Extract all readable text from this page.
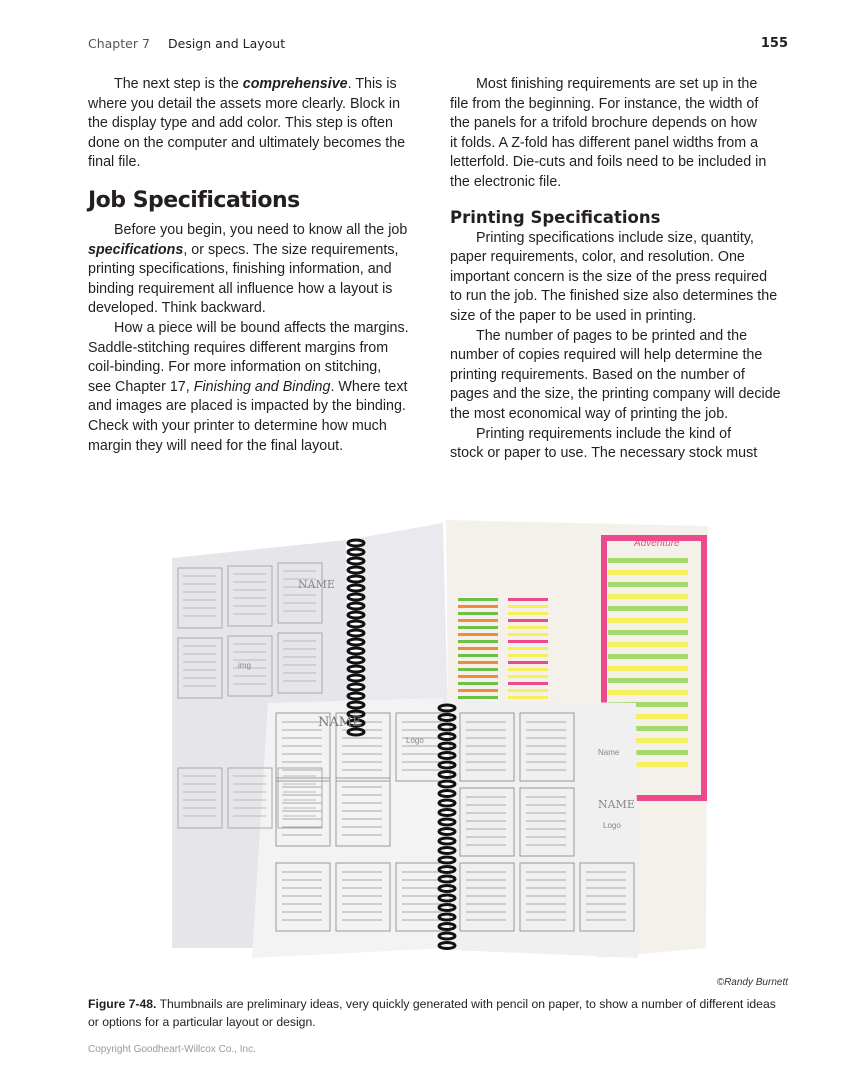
Chapter 7 Design and Layout	155
The next step is the comprehensive. This is
where you detail the assets more clearly. Block in
the display type and add color. This step is often
done on the computer and ultimately becomes the
final file.
Job Specifications
Before you begin, you need to know all the job
specifications, or specs. The size requirements,
printing specifications, finishing information, and
binding requirement all influence how a layout is
developed. Think backward.
How a piece will be bound affects the margins.
Saddle-stitching requires different margins from
coil-binding. For more information on stitching,
see Chapter 17, Finishing and Binding. Where text
and images are placed is impacted by the binding.
Check with your printer to determine how much
margin they will need for the final layout.
Most finishing requirements are set up in the
file from the beginning. For instance, the width of
the panels for a trifold brochure depends on how
it folds. A Z-fold has different panel widths from a
letterfold. Die-cuts and foils need to be included in
the electronic file.
Printing Specifications
Printing specifications include size, quantity,
paper requirements, color, and resolution. One
important concern is the size of the press required
to run the job. The finished size also determines the
size of the paper to be used in printing.
The number of pages to be printed and the
number of copies required will help determine the
printing requirements. Based on the number of
pages and the size, the printing company will decide
the most economical way of printing the job.
Printing requirements include the kind of
stock or paper to use. The necessary stock must
NAME
NAME
NAME
Logo
Logo
Name
img
Adventure
©Randy Burnett
Figure 7-48. Thumbnails are preliminary ideas, very quickly generated with pencil on paper, to show a number of different ideas or options for a particular layout or design.
Copyright Goodheart-Willcox Co., Inc.
